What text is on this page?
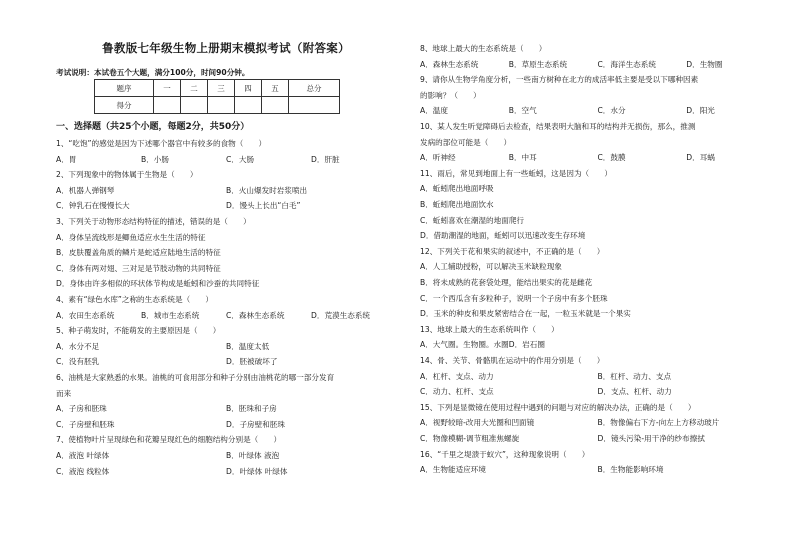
鲁教版七年级生物上册期末模拟考试（附答案）
考试说明：本试卷五个大题，满分100分，时间90分钟。
题序	一	二	三	四	五	总分
得分						
一、选择题（共25个小题，每题2分，共50分）
1、“吃饱”的感觉是因为下述哪个器官中有较多的食物（　　）
A．胃	B．小肠	C．大肠	D．肝脏
2、下列现象中的物体属于生物是（　　）
A．机器人弹钢琴	B．火山爆发时岩浆喷出
C．钟乳石在慢慢长大	D．馒头上长出“白毛”
3、下列关于动物形态结构特征的描述，错误的是（　　）
A．身体呈流线形是鲫鱼适应水生生活的特征
B．皮肤覆盖角质的鳞片是蛇适应陆地生活的特征
C．身体有两对翅、三对足是节肢动物的共同特征
D．身体由许多相似的环状体节构成是蚯蚓和沙蚕的共同特征
4、素有“绿色水库”之称的生态系统是（　　）
A．农田生态系统	B．城市生态系统	C．森林生态系统	D．荒漠生态系统
5、种子萌发时，不能萌发的主要原因是（　　）
A．水分不足	B．温度太低
C．没有胚乳	D．胚被破坏了
6、油桃是大家熟悉的水果。油桃的可食用部分和种子分别由油桃花的哪一部分发育
而来
A．子房和胚珠	B．胚珠和子房
C．子房壁和胚珠	D．子房壁和胚珠
7、使植物叶片呈现绿色和花瓣呈现红色的细胞结构分别是（　　）
A．液泡 叶绿体	B．叶绿体 液泡
C．液泡 线粒体	D．叶绿体 叶绿体
8、地球上最大的生态系统是（　　）
A．森林生态系统	B．草原生态系统	C．海洋生态系统	D．生物圈
9、请你从生物学角度分析，一些南方树种在北方的成活率低主要是受以下哪种因素
的影响？（　　）
A．温度	B．空气	C．水分	D．阳光
10、某人发生听觉障碍后去检查，结果表明大脑和耳的结构并无损伤，那么，推测
发病的部位可能是（　　）
A．听神经	B．中耳	C．鼓膜	D．耳蜗
11、雨后，常见到地面上有一些蚯蚓，这是因为（　　）
A．蚯蚓爬出地面呼吸
B．蚯蚓爬出地面饮水
C．蚯蚓喜欢在潮湿的地面爬行
D．借助潮湿的地面，蚯蚓可以迅速改变生存环境
12、下列关于花和果实的叙述中，不正确的是（　　）
A．人工辅助授粉，可以解决玉米缺粒现象
B．将未成熟的花套袋处理，能结出果实的花是雌花
C．一个西瓜含有多粒种子，说明一个子房中有多个胚珠
D．玉米的种皮和果皮紧密结合在一起，一粒玉米就是一个果实
13、地球上最大的生态系统叫作（　　）
A．大气圈。生物圈。水圈D．岩石圈
14、骨、关节、骨骼肌在运动中的作用分别是（　　）
A．杠杆、支点、动力	B．杠杆、动力、支点
C．动力、杠杆、支点	D．支点、杠杆、动力
15、下列是显微镜在使用过程中遇到的问题与对应的解决办法，正确的是（　　）
A．视野较暗-改用大光圈和凹面镜	B．物像偏右下方-向左上方移动玻片
C．物像模糊-调节粗准焦螺旋	D．镜头污染-用干净的纱布擦拭
16、“千里之堤溃于蚁穴”，这种现象说明（　　）
A．生物能适应环境	B．生物能影响环境
